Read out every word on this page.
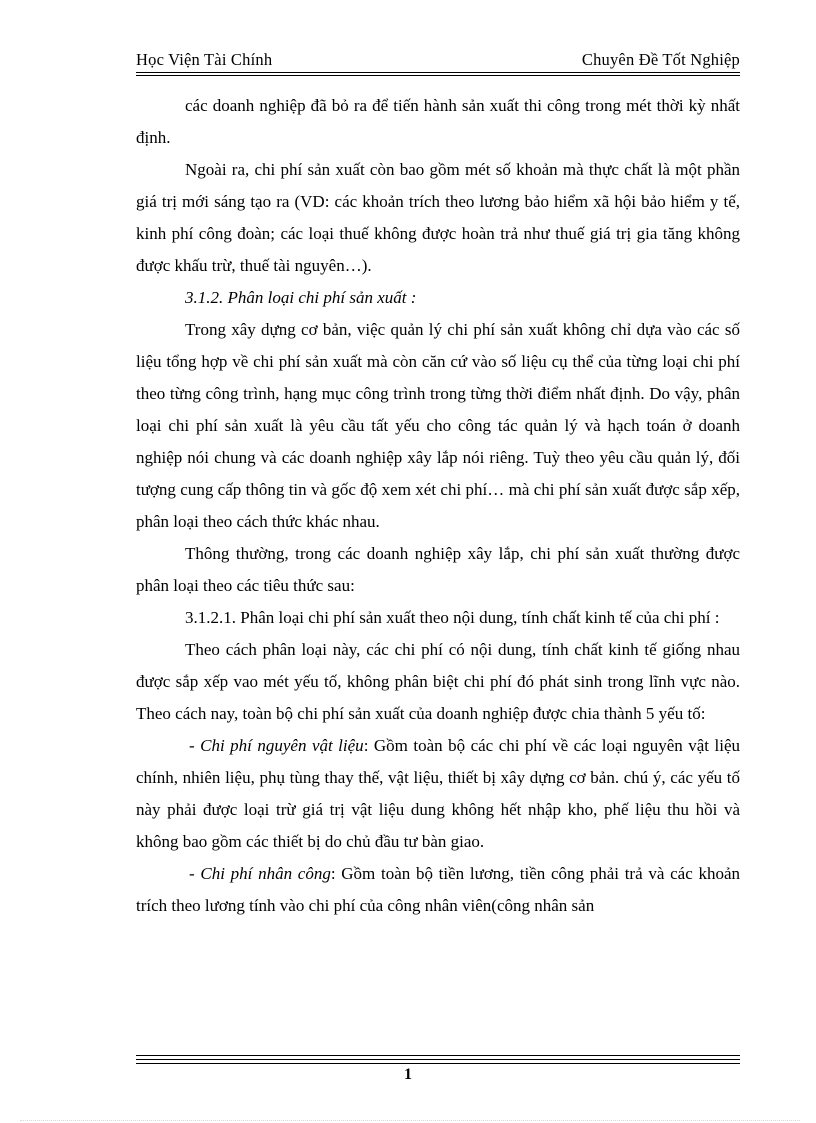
Học Viện Tài Chính	Chuyên Đề Tốt Nghiệp

các doanh nghiệp đã bỏ ra để tiến hành sản xuất thi công trong mét thời kỳ nhất định.

Ngoài ra, chi phí sản xuất còn bao gồm mét số khoản mà thực chất là một phần giá trị mới sáng tạo ra (VD: các khoản trích theo lương bảo hiểm xã hội bảo hiểm y tế, kinh phí công đoàn; các loại thuế không được hoàn trả như thuế giá trị gia tăng không được khấu trừ, thuế tài nguyên…).

3.1.2. Phân loại chi phí sản xuất :

Trong xây dựng cơ bản, việc quản lý chi phí sản xuất không chỉ dựa vào các số liệu tổng hợp về chi phí sản xuất mà còn căn cứ vào số liệu cụ thể của từng loại chi phí theo từng công trình, hạng mục công trình trong từng thời điểm nhất định. Do vậy, phân loại chi phí sản xuất là yêu cầu tất yếu cho công tác quản lý và hạch toán ở doanh nghiệp nói chung và các doanh nghiệp xây lắp nói riêng. Tuỳ theo yêu cầu quản lý, đối tượng cung cấp thông tin và gốc độ xem xét chi phí… mà chi phí sản xuất được sắp xếp, phân loại theo cách thức khác nhau.

Thông thường, trong các doanh nghiệp xây lắp, chi phí sản xuất thường được phân loại theo các tiêu thức sau:

3.1.2.1. Phân loại chi phí sản xuất theo nội dung, tính chất kinh tế của chi phí :

Theo cách phân loại này, các chi phí có nội dung, tính chất kinh tế giống nhau được sắp xếp vao mét yếu tố, không phân biệt chi phí đó phát sinh trong lĩnh vực nào. Theo cách nay, toàn bộ chi phí sản xuất của doanh nghiệp được chia thành 5 yếu tố:

- Chi phí nguyên vật liệu: Gồm toàn bộ các chi phí về các loại nguyên vật liệu chính, nhiên liệu, phụ tùng thay thế, vật liệu, thiết bị xây dựng cơ bản. chú ý, các yếu tố này phải được loại trừ giá trị vật liệu dung không hết nhập kho, phế liệu thu hồi và không bao gồm các thiết bị do chủ đầu tư bàn giao.

- Chi phí nhân công: Gồm toàn bộ tiền lương, tiền công phải trả và các khoản trích theo lương tính vào chi phí của công nhân viên(công nhân sản

1
